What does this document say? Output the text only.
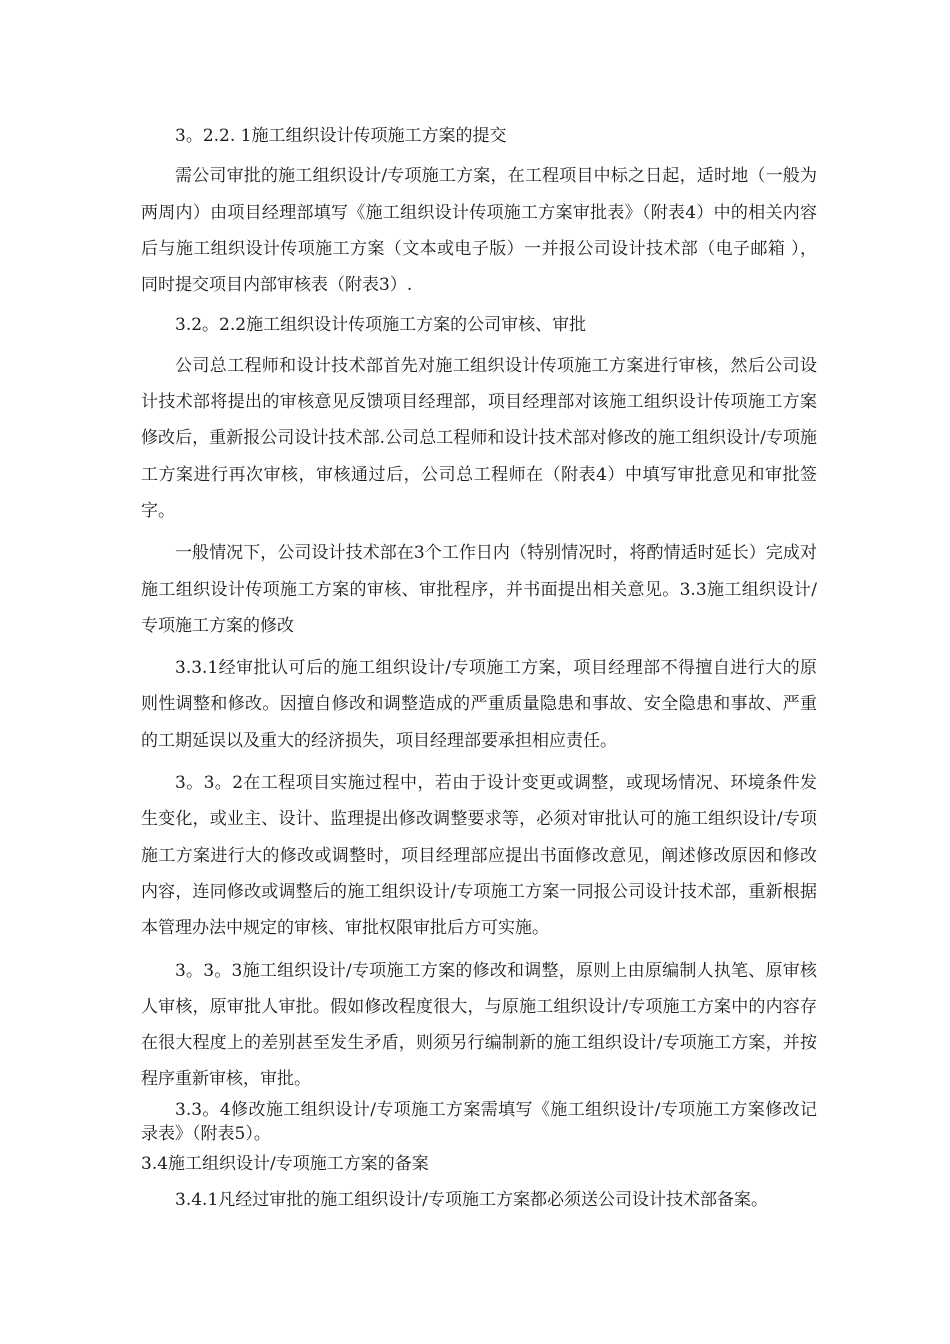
3。2.2. 1施工组织设计传项施工方案的提交

需公司审批的施工组织设计/专项施工方案，在工程项目中标之日起，适时地（一般为两周内）由项目经理部填写《施工组织设计传项施工方案审批表》（附表4）中的相关内容后与施工组织设计传项施工方案（文本或电子版）一并报公司设计技术部（电子邮箱 ），同时提交项目内部审核表（附表3）.

3.2。2.2施工组织设计传项施工方案的公司审核、审批

公司总工程师和设计技术部首先对施工组织设计传项施工方案进行审核，然后公司设计技术部将提出的审核意见反馈项目经理部，项目经理部对该施工组织设计传项施工方案修改后，重新报公司设计技术部.公司总工程师和设计技术部对修改的施工组织设计/专项施工方案进行再次审核，审核通过后，公司总工程师在（附表4）中填写审批意见和审批签字。

一般情况下，公司设计技术部在3个工作日内（特别情况时，将酌情适时延长）完成对施工组织设计传项施工方案的审核、审批程序，并书面提出相关意见。3.3施工组织设计/专项施工方案的修改

3.3.1经审批认可后的施工组织设计/专项施工方案，项目经理部不得擅自进行大的原则性调整和修改。因擅自修改和调整造成的严重质量隐患和事故、安全隐患和事故、严重的工期延误以及重大的经济损失，项目经理部要承担相应责任。

3。3。2在工程项目实施过程中，若由于设计变更或调整，或现场情况、环境条件发生变化，或业主、设计、监理提出修改调整要求等，必须对审批认可的施工组织设计/专项施工方案进行大的修改或调整时，项目经理部应提出书面修改意见，阐述修改原因和修改内容，连同修改或调整后的施工组织设计/专项施工方案一同报公司设计技术部，重新根据本管理办法中规定的审核、审批权限审批后方可实施。

3。3。3施工组织设计/专项施工方案的修改和调整，原则上由原编制人执笔、原审核人审核，原审批人审批。假如修改程度很大，与原施工组织设计/专项施工方案中的内容存在很大程度上的差别甚至发生矛盾，则须另行编制新的施工组织设计/专项施工方案，并按程序重新审核，审批。

3.3。4修改施工组织设计/专项施工方案需填写《施工组织设计/专项施工方案修改记录表》（附表5）。

3.4施工组织设计/专项施工方案的备案

3.4.1凡经过审批的施工组织设计/专项施工方案都必须送公司设计技术部备案。
